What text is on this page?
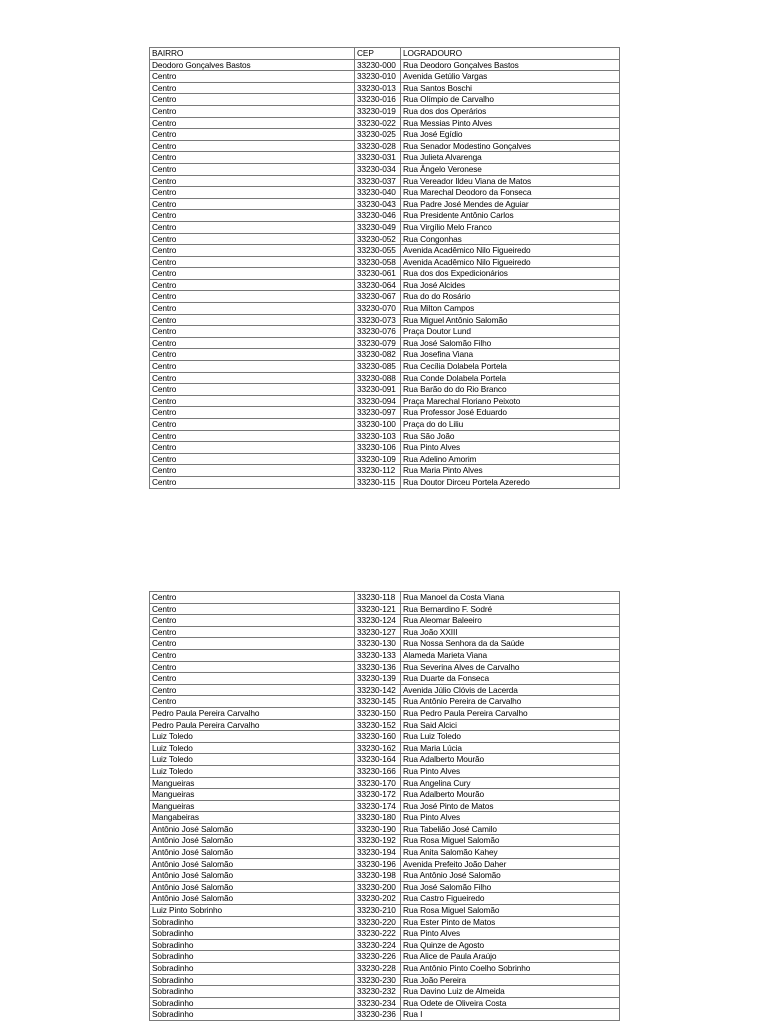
BAIRRO	CEP	LOGRADOURO
Deodoro Gonçalves Bastos	33230-000	Rua Deodoro Gonçalves Bastos
Centro	33230-010	Avenida Getúlio Vargas
Centro	33230-013	Rua Santos Boschi
Centro	33230-016	Rua Olímpio de Carvalho
Centro	33230-019	Rua dos dos Operários
Centro	33230-022	Rua Messias Pinto Alves
Centro	33230-025	Rua José Egídio
Centro	33230-028	Rua Senador Modestino Gonçalves
Centro	33230-031	Rua Julieta Alvarenga
Centro	33230-034	Rua Ângelo Veronese
Centro	33230-037	Rua Vereador Ildeu Viana de Matos
Centro	33230-040	Rua Marechal Deodoro da Fonseca
Centro	33230-043	Rua Padre José Mendes de Aguiar
Centro	33230-046	Rua Presidente Antônio Carlos
Centro	33230-049	Rua Virgílio Melo Franco
Centro	33230-052	Rua Congonhas
Centro	33230-055	Avenida Acadêmico Nilo Figueiredo
Centro	33230-058	Avenida Acadêmico Nilo Figueiredo
Centro	33230-061	Rua dos dos Expedicionários
Centro	33230-064	Rua José Alcides
Centro	33230-067	Rua do do Rosário
Centro	33230-070	Rua Milton Campos
Centro	33230-073	Rua Miguel Antônio Salomão
Centro	33230-076	Praça Doutor Lund
Centro	33230-079	Rua José Salomão Filho
Centro	33230-082	Rua Josefina Viana
Centro	33230-085	Rua Cecília Dolabela Portela
Centro	33230-088	Rua Conde Dolabela Portela
Centro	33230-091	Rua Barão do do Rio Branco
Centro	33230-094	Praça Marechal Floriano Peixoto
Centro	33230-097	Rua Professor José Eduardo
Centro	33230-100	Praça do do Liliu
Centro	33230-103	Rua São João
Centro	33230-106	Rua Pinto Alves
Centro	33230-109	Rua Adelino Amorim
Centro	33230-112	Rua Maria Pinto Alves
Centro	33230-115	Rua Doutor Dirceu Portela Azeredo
Centro	33230-118	Rua Manoel da Costa Viana
Centro	33230-121	Rua Bernardino F. Sodré
Centro	33230-124	Rua Aleomar Baleeiro
Centro	33230-127	Rua João XXIII
Centro	33230-130	Rua Nossa Senhora da da Saúde
Centro	33230-133	Alameda Marieta Viana
Centro	33230-136	Rua Severina Alves de Carvalho
Centro	33230-139	Rua Duarte da Fonseca
Centro	33230-142	Avenida Júlio Clóvis de Lacerda
Centro	33230-145	Rua Antônio Pereira de Carvalho
Pedro Paula Pereira Carvalho	33230-150	Rua Pedro Paula Pereira Carvalho
Pedro Paula Pereira Carvalho	33230-152	Rua Said Alcici
Luiz Toledo	33230-160	Rua Luiz Toledo
Luiz Toledo	33230-162	Rua Maria Lúcia
Luiz Toledo	33230-164	Rua Adalberto Mourão
Luiz Toledo	33230-166	Rua Pinto Alves
Mangueiras	33230-170	Rua Angelina Cury
Mangueiras	33230-172	Rua Adalberto Mourão
Mangueiras	33230-174	Rua José Pinto de Matos
Mangabeiras	33230-180	Rua Pinto Alves
Antônio José Salomão	33230-190	Rua Tabelião José Camilo
Antônio José Salomão	33230-192	Rua Rosa Miguel Salomão
Antônio José Salomão	33230-194	Rua Anita Salomão Kahey
Antônio José Salomão	33230-196	Avenida Prefeito João Daher
Antônio José Salomão	33230-198	Rua Antônio José Salomão
Antônio José Salomão	33230-200	Rua José Salomão Filho
Antônio José Salomão	33230-202	Rua Castro Figueiredo
Luiz Pinto Sobrinho	33230-210	Rua Rosa Miguel Salomão
Sobradinho	33230-220	Rua Ester Pinto de Matos
Sobradinho	33230-222	Rua Pinto Alves
Sobradinho	33230-224	Rua Quinze de Agosto
Sobradinho	33230-226	Rua Alice de Paula Araújo
Sobradinho	33230-228	Rua Antônio Pinto Coelho Sobrinho
Sobradinho	33230-230	Rua João Pereira
Sobradinho	33230-232	Rua Davino Luiz de Almeida
Sobradinho	33230-234	Rua Odete de Oliveira Costa
Sobradinho	33230-236	Rua I
